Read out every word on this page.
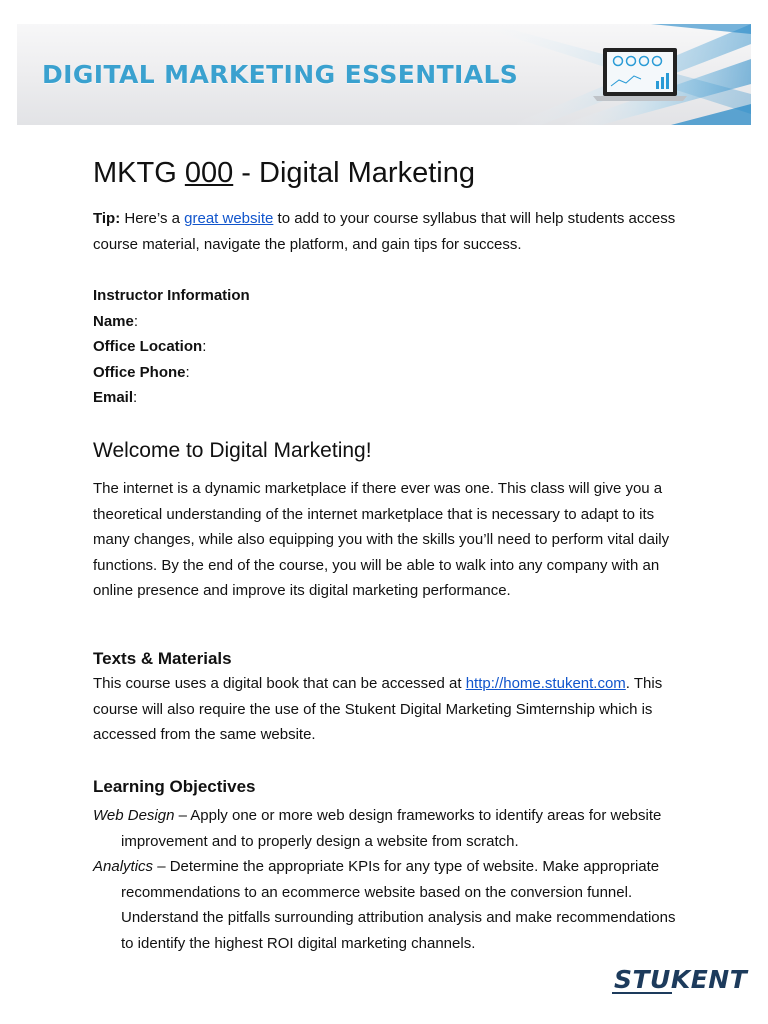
DIGITAL MARKETING ESSENTIALS
MKTG 000 - Digital Marketing

Tip: Here’s a great website to add to your course syllabus that will help students access course material, navigate the platform, and gain tips for success.

Instructor Information
Name:
Office Location:
Office Phone:
Email:

Welcome to Digital Marketing!

The internet is a dynamic marketplace if there ever was one. This class will give you a theoretical understanding of the internet marketplace that is necessary to adapt to its many changes, while also equipping you with the skills you’ll need to perform vital daily functions. By the end of the course, you will be able to walk into any company with an online presence and improve its digital marketing performance.

Texts & Materials

This course uses a digital book that can be accessed at http://home.stukent.com. This course will also require the use of the Stukent Digital Marketing Simternship which is accessed from the same website.

Learning Objectives

Web Design – Apply one or more web design frameworks to identify areas for website improvement and to properly design a website from scratch.

Analytics – Determine the appropriate KPIs for any type of website. Make appropriate recommendations to an ecommerce website based on the conversion funnel. Understand the pitfalls surrounding attribution analysis and make recommendations to identify the highest ROI digital marketing channels.

STUKENT
